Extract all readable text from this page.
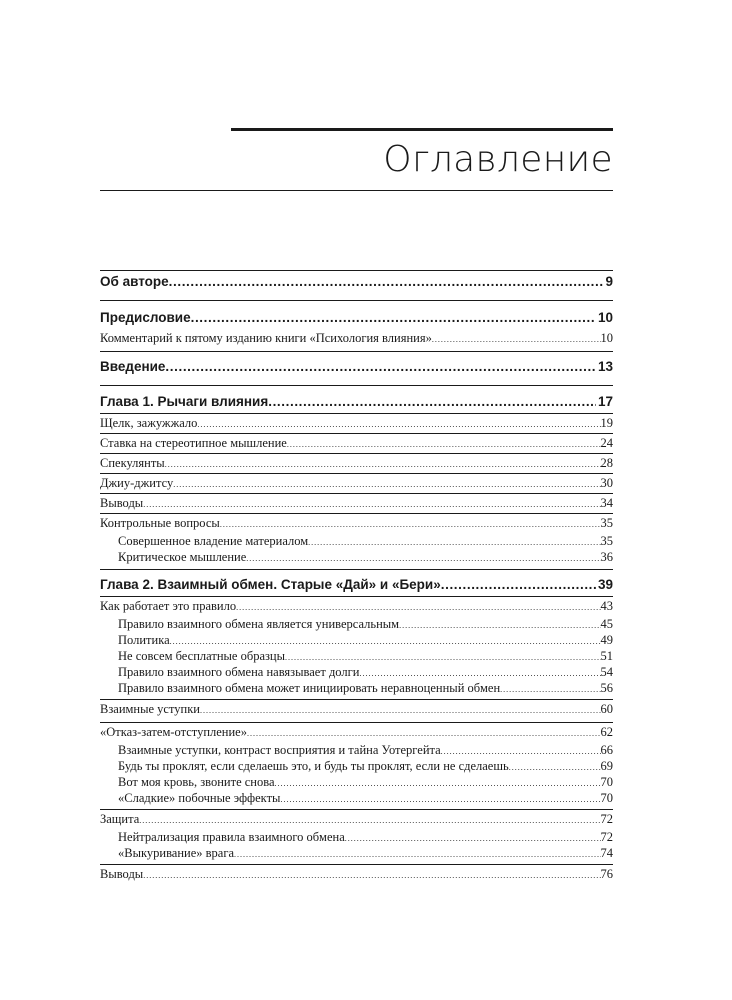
Оглавление
Об авторе .....	9
Предисловие .....	10
Комментарий к пятому изданию книги «Психология влияния» .....	10
Введение .....	13
Глава 1. Рычаги влияния .....	17
Щелк, зажужжало .....	19
Ставка на стереотипное мышление .....	24
Спекулянты .....	28
Джиу-джитсу .....	30
Выводы .....	34
Контрольные вопросы .....	35
Совершенное владение материалом .....	35
Критическое мышление .....	36
Глава 2. Взаимный обмен. Старые «Дай» и «Бери» .....	39
Как работает это правило .....	43
Правило взаимного обмена является универсальным .....	45
Политика .....	49
Не совсем бесплатные образцы .....	51
Правило взаимного обмена навязывает долги .....	54
Правило взаимного обмена может инициировать неравноценный обмен .....	56
Взаимные уступки .....	60
«Отказ-затем-отступление» .....	62
Взаимные уступки, контраст восприятия и тайна Уотергейта .....	66
Будь ты проклят, если сделаешь это, и будь ты проклят, если не сделаешь .....	69
Вот моя кровь, звоните снова .....	70
«Сладкие» побочные эффекты .....	70
Защита .....	72
Нейтрализация правила взаимного обмена .....	72
«Выкуривание» врага .....	74
Выводы .....	76
